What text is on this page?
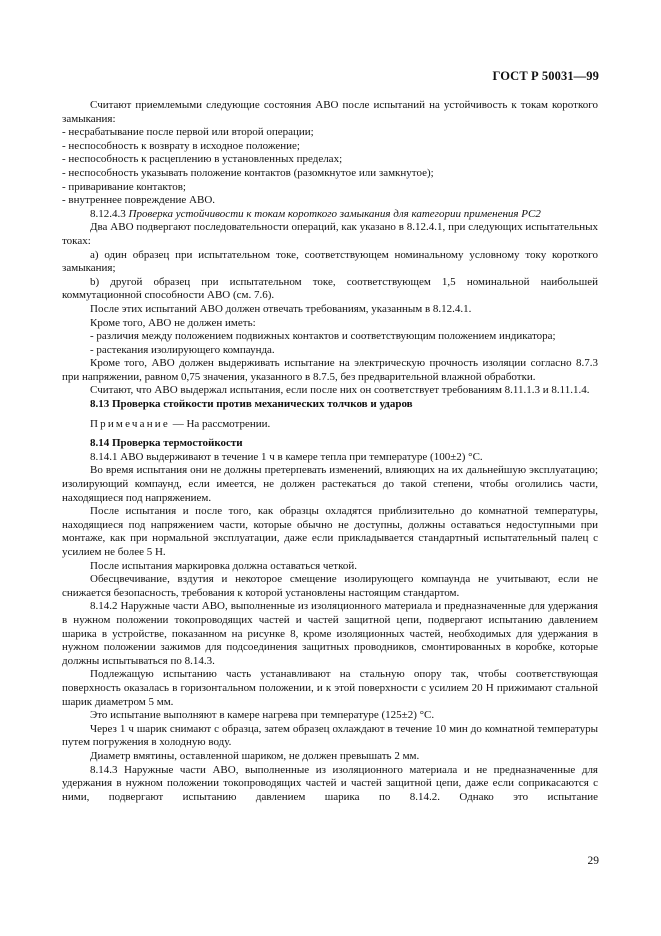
ГОСТ Р 50031—99

Считают приемлемыми следующие состояния АВО после испытаний на устойчивость к токам короткого замыкания:

- несрабатывание после первой или второй операции;

- неспособность к возврату в исходное положение;

- неспособность к расцеплению в установленных пределах;

- неспособность указывать положение контактов (разомкнутое или замкнутое);

- приваривание контактов;

- внутреннее повреждение АВО.

8.12.4.3 Проверка устойчивости к токам короткого замыкания для категории применения РС2

Два АВО подвергают последовательности операций, как указано в 8.12.4.1, при следующих испытательных токах:

а) один образец при испытательном токе, соответствующем номинальному условному току короткого замыкания;

b) другой образец при испытательном токе, соответствующем 1,5 номинальной наибольшей коммутационной способности АВО (см. 7.6).

После этих испытаний АВО должен отвечать требованиям, указанным в 8.12.4.1.

Кроме того, АВО не должен иметь:

- различия между положением подвижных контактов и соответствующим положением индикатора;

- растекания изолирующего компаунда.

Кроме того, АВО должен выдерживать испытание на электрическую прочность изоляции согласно 8.7.3 при напряжении, равном 0,75 значения, указанного в 8.7.5, без предварительной влажной обработки.

Считают, что АВО выдержал испытания, если после них он соответствует требованиям 8.11.1.3 и 8.11.1.4.

8.13 Проверка стойкости против механических толчков и ударов

Примечание — На рассмотрении.

8.14 Проверка термостойкости

8.14.1 АВО выдерживают в течение 1 ч в камере тепла при температуре (100±2) °С.

Во время испытания они не должны претерпевать изменений, влияющих на их дальнейшую эксплуатацию; изолирующий компаунд, если имеется, не должен растекаться до такой степени, чтобы оголились части, находящиеся под напряжением.

После испытания и после того, как образцы охладятся приблизительно до комнатной температуры, находящиеся под напряжением части, которые обычно не доступны, должны оставаться недоступными при монтаже, как при нормальной эксплуатации, даже если прикладывается стандартный испытательный палец с усилием не более 5 Н.

После испытания маркировка должна оставаться четкой.

Обесцвечивание, вздутия и некоторое смещение изолирующего компаунда не учитывают, если не снижается безопасность, требования к которой установлены настоящим стандартом.

8.14.2 Наружные части АВО, выполненные из изоляционного материала и предназначенные для удержания в нужном положении токопроводящих частей и частей защитной цепи, подвергают испытанию давлением шарика в устройстве, показанном на рисунке 8, кроме изоляционных частей, необходимых для удержания в нужном положении зажимов для подсоединения защитных проводников, смонтированных в коробке, которые должны испытываться по 8.14.3.

Подлежащую испытанию часть устанавливают на стальную опору так, чтобы соответствующая поверхность оказалась в горизонтальном положении, и к этой поверхности с усилием 20 Н прижимают стальной шарик диаметром 5 мм.

Это испытание выполняют в камере нагрева при температуре (125±2) °С.

Через 1 ч шарик снимают с образца, затем образец охлаждают в течение 10 мин до комнатной температуры путем погружения в холодную воду.

Диаметр вмятины, оставленной шариком, не должен превышать 2 мм.

8.14.3 Наружные части АВО, выполненные из изоляционного материала и не предназначенные для удержания в нужном положении токопроводящих частей и частей защитной цепи, даже если соприкасаются с ними, подвергают испытанию давлением шарика по 8.14.2. Однако это испытание

29
